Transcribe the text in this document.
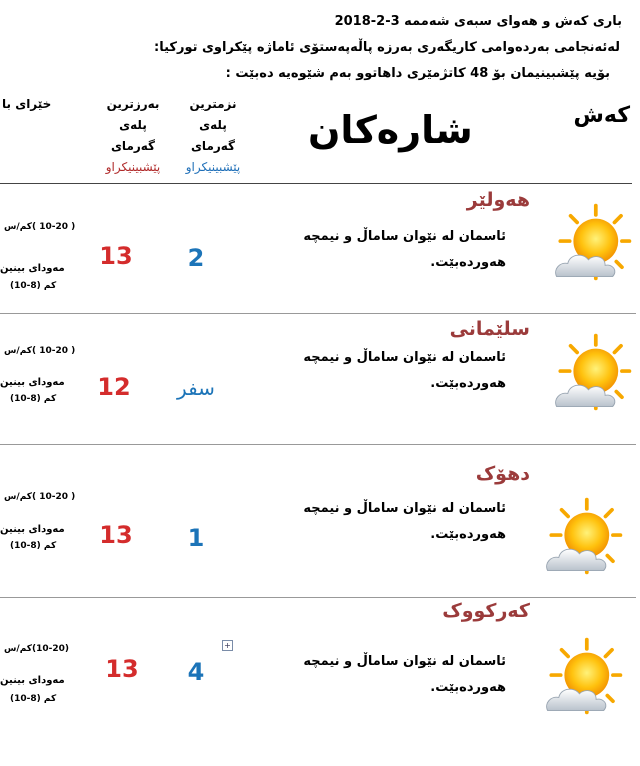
باری کەش و هەوای سبەی شەممە 3-2-2018
لەئەنجامی بەردەوامی کاریگەری بەرزە پاڵەپەستۆی ئاماژە پێکراوی تورکیا:
بۆیە پێشبینیمان بۆ 48 کاتژمێری داهاتوو بەم شێوەیە دەبێت :
کەش
شارەکان
نزمترین
پلەی
گەرمای
پێشبینیکراو
بەرزترین
پلەی
گەرمای
پێشبینیکراو
خێرای با
هەولێر
ئاسمان لە نێوان ساماڵ و نیمچە
هەوردەبێت.
2
13
( 10-20 )کم/س
مەودای بینین
(10-8) کم
سلێمانی
ئاسمان لە نێوان ساماڵ و نیمچە
هەوردەبێت.
سفر
12
( 10-20 )کم/س
مەودای بینین
(10-8) کم
دهۆک
ئاسمان لە نێوان ساماڵ و نیمچە
هەوردەبێت.
1
13
( 10-20 )کم/س
مەودای بینین
(10-8) کم
کەرکووک
+
ئاسمان لە نێوان ساماڵ و نیمچە
هەوردەبێت.
4
13
(10-20)کم/س
مەودای بینین
(10-8) کم
